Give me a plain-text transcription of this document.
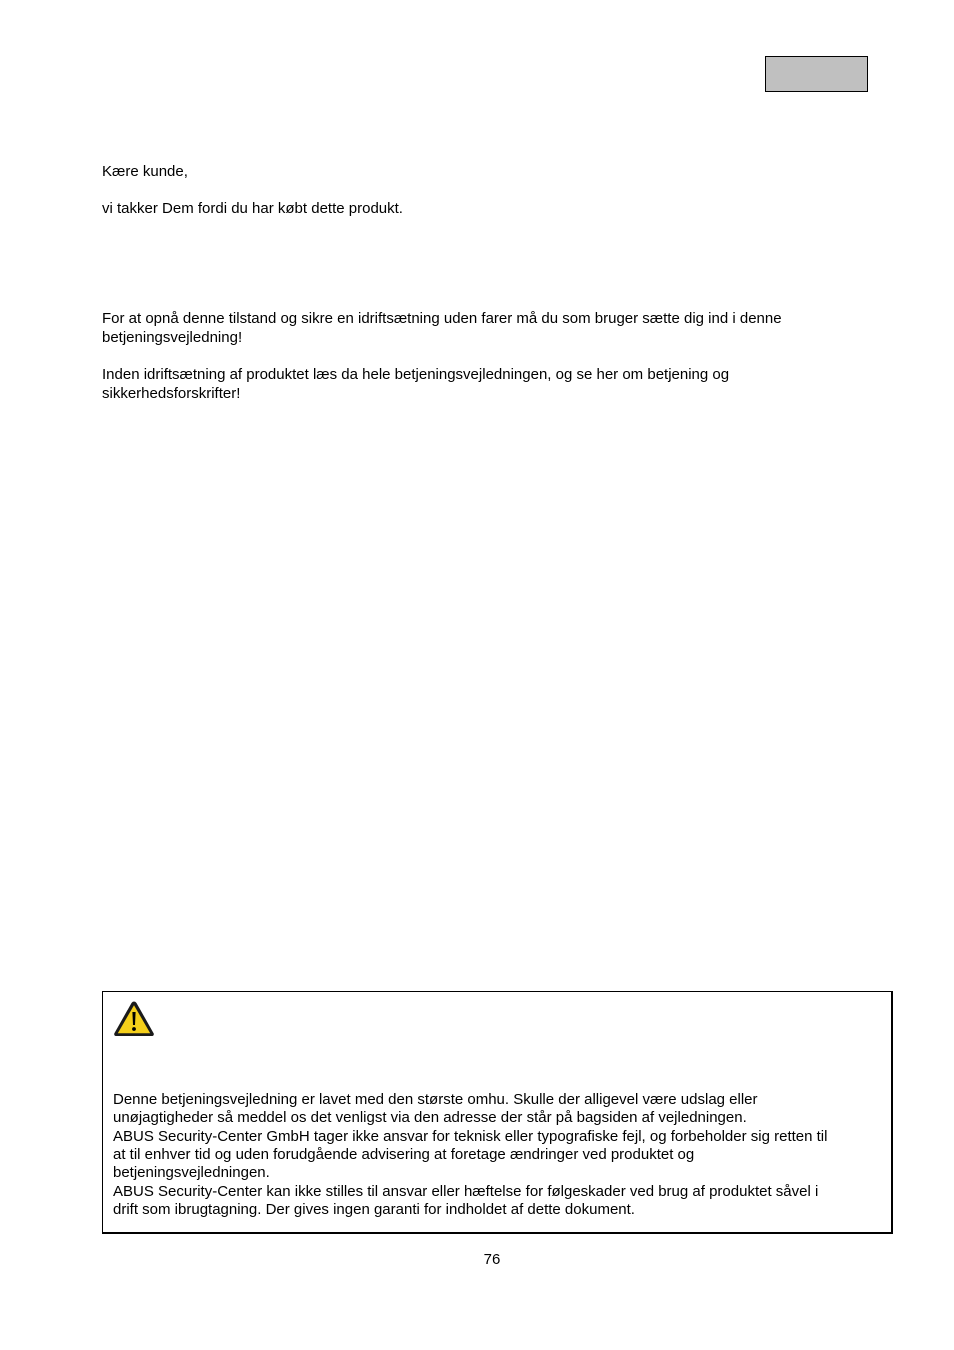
Kære kunde,
vi takker Dem fordi du har købt dette produkt.
For at opnå denne tilstand og sikre en idriftsætning uden farer må du som bruger sætte dig ind i denne
betjeningsvejledning!
Inden idriftsætning af produktet læs da hele betjeningsvejledningen, og se her om betjening og
sikkerhedsforskrifter!
Denne betjeningsvejledning er lavet med den største omhu. Skulle der alligevel være udslag eller
unøjagtigheder så meddel os det venligst via den adresse der står på bagsiden af vejledningen.
ABUS Security-Center GmbH tager ikke ansvar for teknisk eller typografiske fejl, og forbeholder sig retten til
at til enhver tid og uden forudgående advisering at foretage ændringer ved produktet og
betjeningsvejledningen.
ABUS Security-Center kan ikke stilles til ansvar eller hæftelse for følgeskader ved brug af produktet såvel i
drift som ibrugtagning. Der gives ingen garanti for indholdet af dette dokument.
76
